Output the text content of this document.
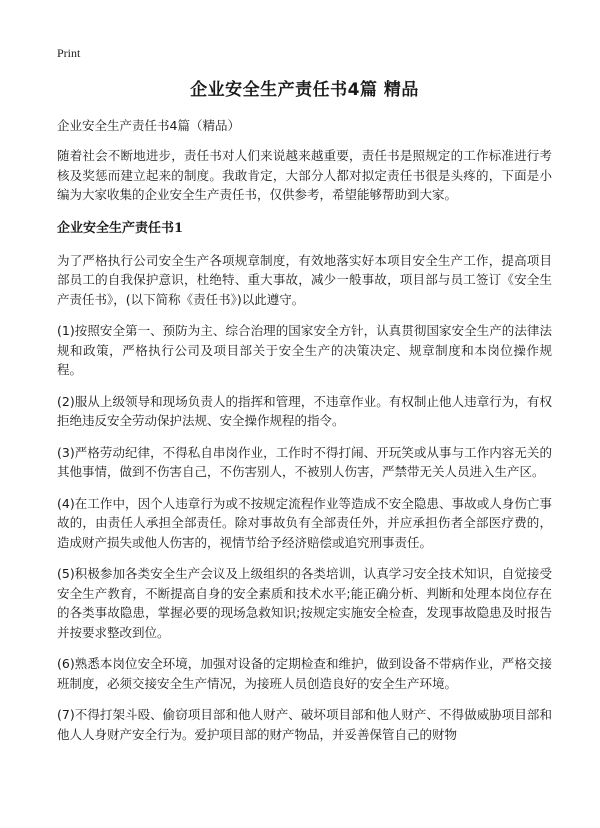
Print
企业安全生产责任书4篇 精品
企业安全生产责任书4篇（精品）

随着社会不断地进步，责任书对人们来说越来越重要，责任书是照规定的工作标准进行考核及奖惩而建立起来的制度。我敢肯定，大部分人都对拟定责任书很是头疼的，下面是小编为大家收集的企业安全生产责任书，仅供参考，希望能够帮助到大家。

企业安全生产责任书1

为了严格执行公司安全生产各项规章制度，有效地落实好本项目安全生产工作，提高项目部员工的自我保护意识，杜绝特、重大事故，减少一般事故，项目部与员工签订《安全生产责任书》，(以下简称《责任书》)以此遵守。

(1)按照安全第一、预防为主、综合治理的国家安全方针，认真贯彻国家安全生产的法律法规和政策，严格执行公司及项目部关于安全生产的决策决定、规章制度和本岗位操作规程。

(2)服从上级领导和现场负责人的指挥和管理，不违章作业。有权制止他人违章行为，有权拒绝违反安全劳动保护法规、安全操作规程的指令。

(3)严格劳动纪律，不得私自串岗作业，工作时不得打闹、开玩笑或从事与工作内容无关的其他事情，做到不伤害自己，不伤害别人，不被别人伤害，严禁带无关人员进入生产区。

(4)在工作中，因个人违章行为或不按规定流程作业等造成不安全隐患、事故或人身伤亡事故的，由责任人承担全部责任。除对事故负有全部责任外，并应承担伤者全部医疗费的，造成财产损失或他人伤害的，视情节给予经济赔偿或追究刑事责任。

(5)积极参加各类安全生产会议及上级组织的各类培训，认真学习安全技术知识，自觉接受安全生产教育，不断提高自身的安全素质和技术水平;能正确分析、判断和处理本岗位存在的各类事故隐患，掌握必要的现场急救知识;按规定实施安全检查，发现事故隐患及时报告并按要求整改到位。

(6)熟悉本岗位安全环境，加强对设备的定期检查和维护，做到设备不带病作业，严格交接班制度，必须交接安全生产情况，为接班人员创造良好的安全生产环境。

(7)不得打架斗殴、偷窃项目部和他人财产、破坏项目部和他人财产、不得做威胁项目部和他人人身财产安全行为。爱护项目部的财产物品，并妥善保管自己的财物
